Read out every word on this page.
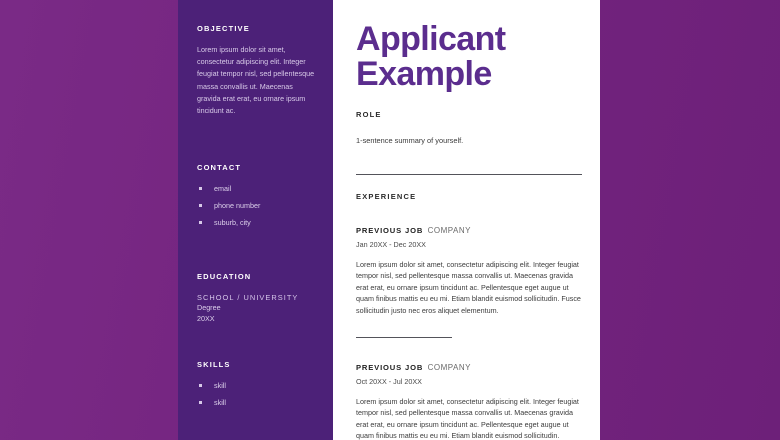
OBJECTIVE

Lorem ipsum dolor sit amet, consectetur adipiscing elit. Integer feugiat tempor nisl, sed pellentesque massa convallis ut. Maecenas gravida erat erat, eu ornare ipsum tincidunt ac.

CONTACT
email
phone number
suburb, city
EDUCATION

SCHOOL / UNIVERSITY

Degree

20XX

SKILLS
skill
skill
Applicant
Example
ROLE

1-sentence summary of yourself.

EXPERIENCE
PREVIOUS JOB COMPANY

Jan 20XX - Dec 20XX

Lorem ipsum dolor sit amet, consectetur adipiscing elit. Integer feugiat tempor nisl, sed pellentesque massa convallis ut. Maecenas gravida erat erat, eu ornare ipsum tincidunt ac. Pellentesque eget augue ut quam finibus mattis eu eu mi. Etiam blandit euismod sollicitudin. Fusce sollicitudin justo nec eros aliquet elementum.

PREVIOUS JOB COMPANY

Oct 20XX - Jul 20XX

Lorem ipsum dolor sit amet, consectetur adipiscing elit. Integer feugiat tempor nisl, sed pellentesque massa convallis ut. Maecenas gravida erat erat, eu ornare ipsum tincidunt ac. Pellentesque eget augue ut quam finibus mattis eu eu mi. Etiam blandit euismod sollicitudin.
